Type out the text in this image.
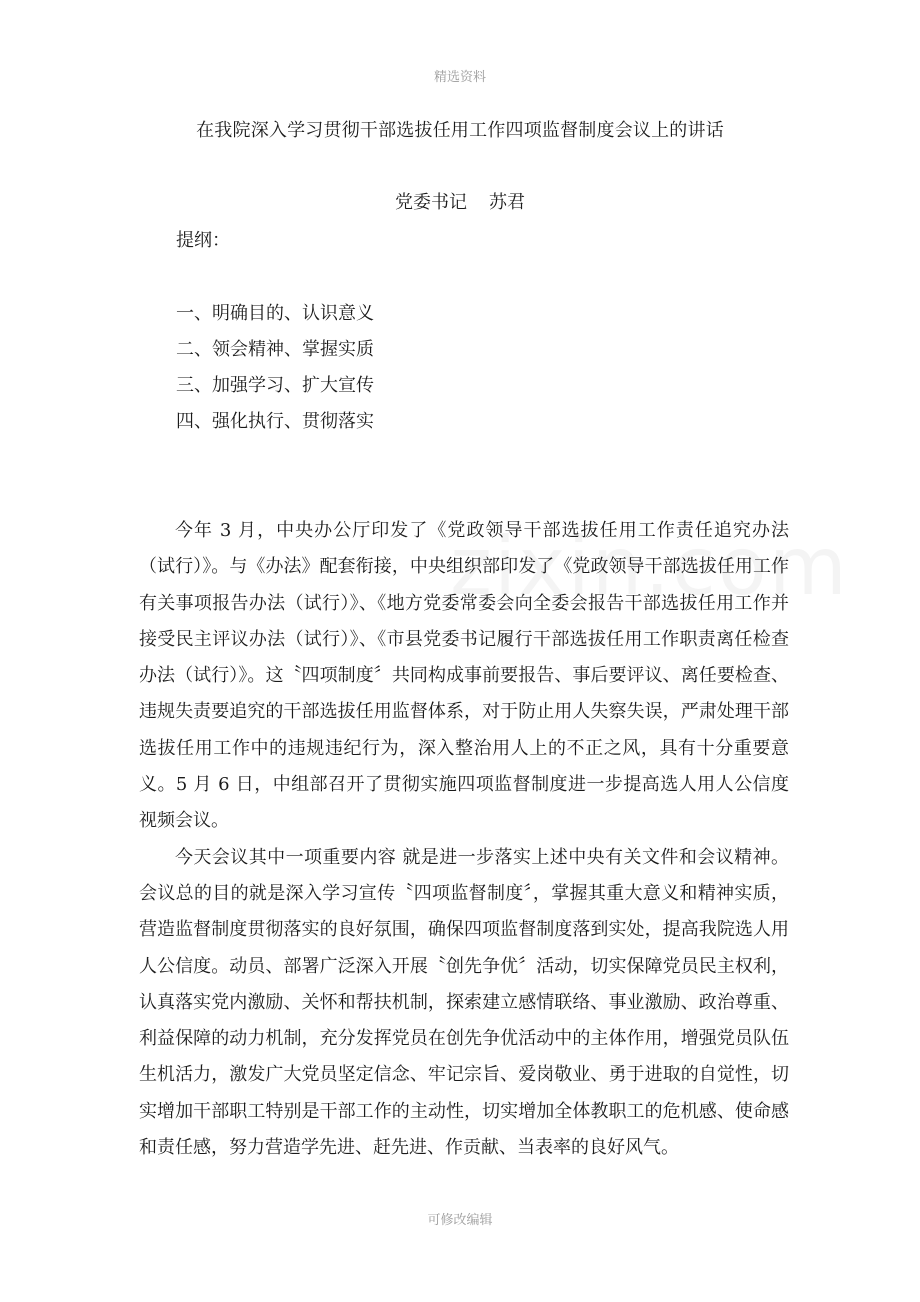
精选资料
在我院深入学习贯彻干部选拔任用工作四项监督制度会议上的讲话
党委书记 苏君
提纲：
一、明确目的、认识意义
二、领会精神、掌握实质
三、加强学习、扩大宣传
四、强化执行、贯彻落实

今年 3 月，中央办公厅印发了《党政领导干部选拔任用工作责任追究办法（试行）》。与《办法》配套衔接，中央组织部印发了《党政领导干部选拔任用工作有关事项报告办法（试行）》、《地方党委常委会向全委会报告干部选拔任用工作并接受民主评议办法（试行）》、《市县党委书记履行干部选拔任用工作职责离任检查办法（试行）》。这〝四项制度〞共同构成事前要报告、事后要评议、离任要检查、违规失责要追究的干部选拔任用监督体系，对于防止用人失察失误，严肃处理干部选拔任用工作中的违规违纪行为，深入整治用人上的不正之风，具有十分重要意义。5 月 6 日，中组部召开了贯彻实施四项监督制度进一步提高选人用人公信度视频会议。

今天会议其中一项重要内容 就是进一步落实上述中央有关文件和会议精神。会议总的目的就是深入学习宣传〝四项监督制度〞，掌握其重大意义和精神实质，营造监督制度贯彻落实的良好氛围，确保四项监督制度落到实处，提高我院选人用人公信度。动员、部署广泛深入开展〝创先争优〞活动，切实保障党员民主权利，认真落实党内激励、关怀和帮扶机制，探索建立感情联络、事业激励、政治尊重、利益保障的动力机制，充分发挥党员在创先争优活动中的主体作用，增强党员队伍生机活力，激发广大党员坚定信念、牢记宗旨、爱岗敬业、勇于进取的自觉性，切实增加干部职工特别是干部工作的主动性，切实增加全体教职工的危机感、使命感和责任感，努力营造学先进、赶先进、作贡献、当表率的良好风气。

可修改编辑
